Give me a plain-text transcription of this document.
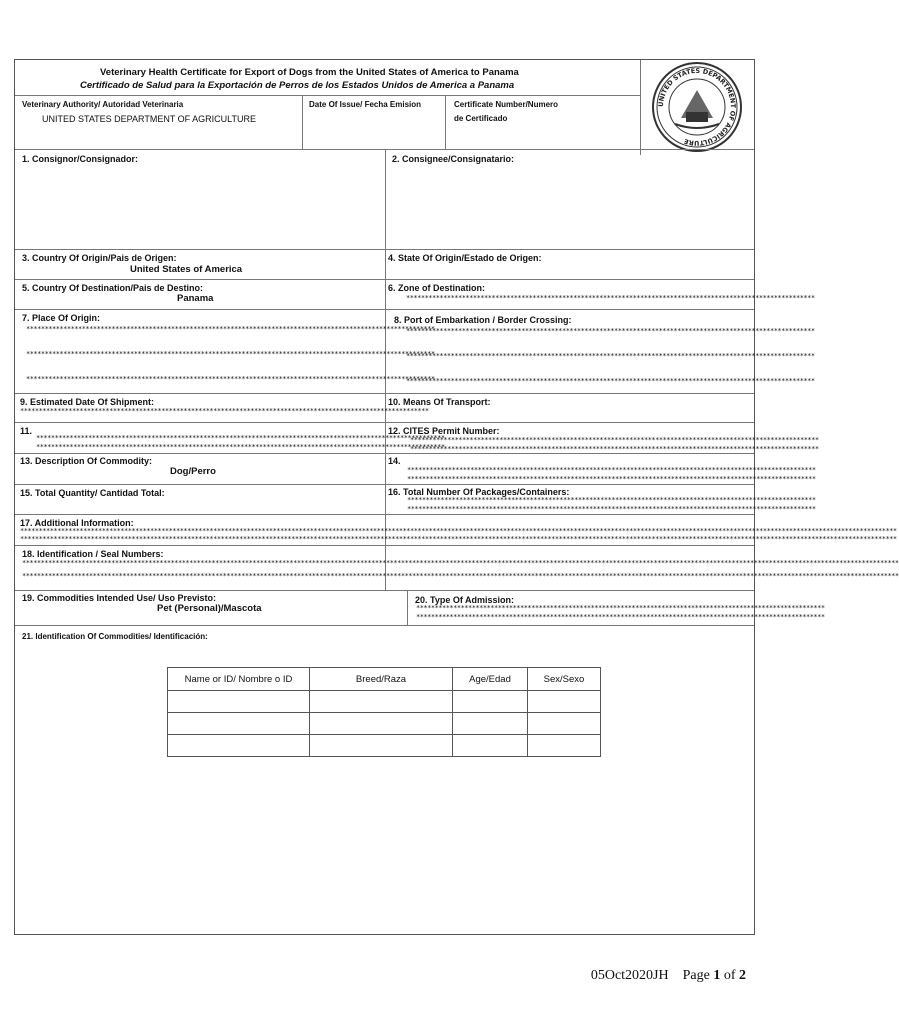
Veterinary Health Certificate for Export of Dogs from the United States of America to Panama
Certificado de Salud para la Exportación de Perros de los Estados Unidos de America a Panama
UNITED STATES DEPARTMENT OF AGRICULTURE
Veterinary Authority/ Autoridad Veterinaria
UNITED STATES DEPARTMENT OF AGRICULTURE
Date Of Issue/ Fecha Emision	Certificate Number/Numero
de Certificado
1. Consignor/Consignador:	2. Consignee/Consignatario:
3. Country Of Origin/Pais de Origen:
United States of America
4. State Of Origin/Estado de Origen:
5. Country Of Destination/Pais de Destino:
Panama
6. Zone of Destination:
**************************************************************************************************************
7. Place Of Origin:
**************************************************************************************************************
**************************************************************************************************************
**************************************************************************************************************
8. Port of Embarkation / Border Crossing:
**************************************************************************************************************
**************************************************************************************************************
**************************************************************************************************************
9. Estimated Date Of Shipment:
**************************************************************************************************************
10. Means Of Transport:
11.
**************************************************************************************************************
**************************************************************************************************************
12. CITES Permit Number:
**************************************************************************************************************
**************************************************************************************************************
13. Description Of Commodity:
Dog/Perro
14.
**************************************************************************************************************
**************************************************************************************************************
15. Total Quantity/ Cantidad Total:	16. Total Number Of Packages/Containers:
**************************************************************************************************************
**************************************************************************************************************
17. Additional Information:
********************************************************************************************************************************************************************************************************************************************
********************************************************************************************************************************************************************************************************************************************
18. Identification / Seal Numbers:
********************************************************************************************************************************************************************************************************************************************
********************************************************************************************************************************************************************************************************************************************
19. Commodities Intended Use/ Uso Previsto:
Pet (Personal)/Mascota
20. Type Of Admission:
**************************************************************************************************************
**************************************************************************************************************
21. Identification Of Commodities/ Identificación:
Name or ID/ Nombre o ID	Breed/Raza	Age/Edad	Sex/Sexo

05Oct2020JH Page 1 of 2
